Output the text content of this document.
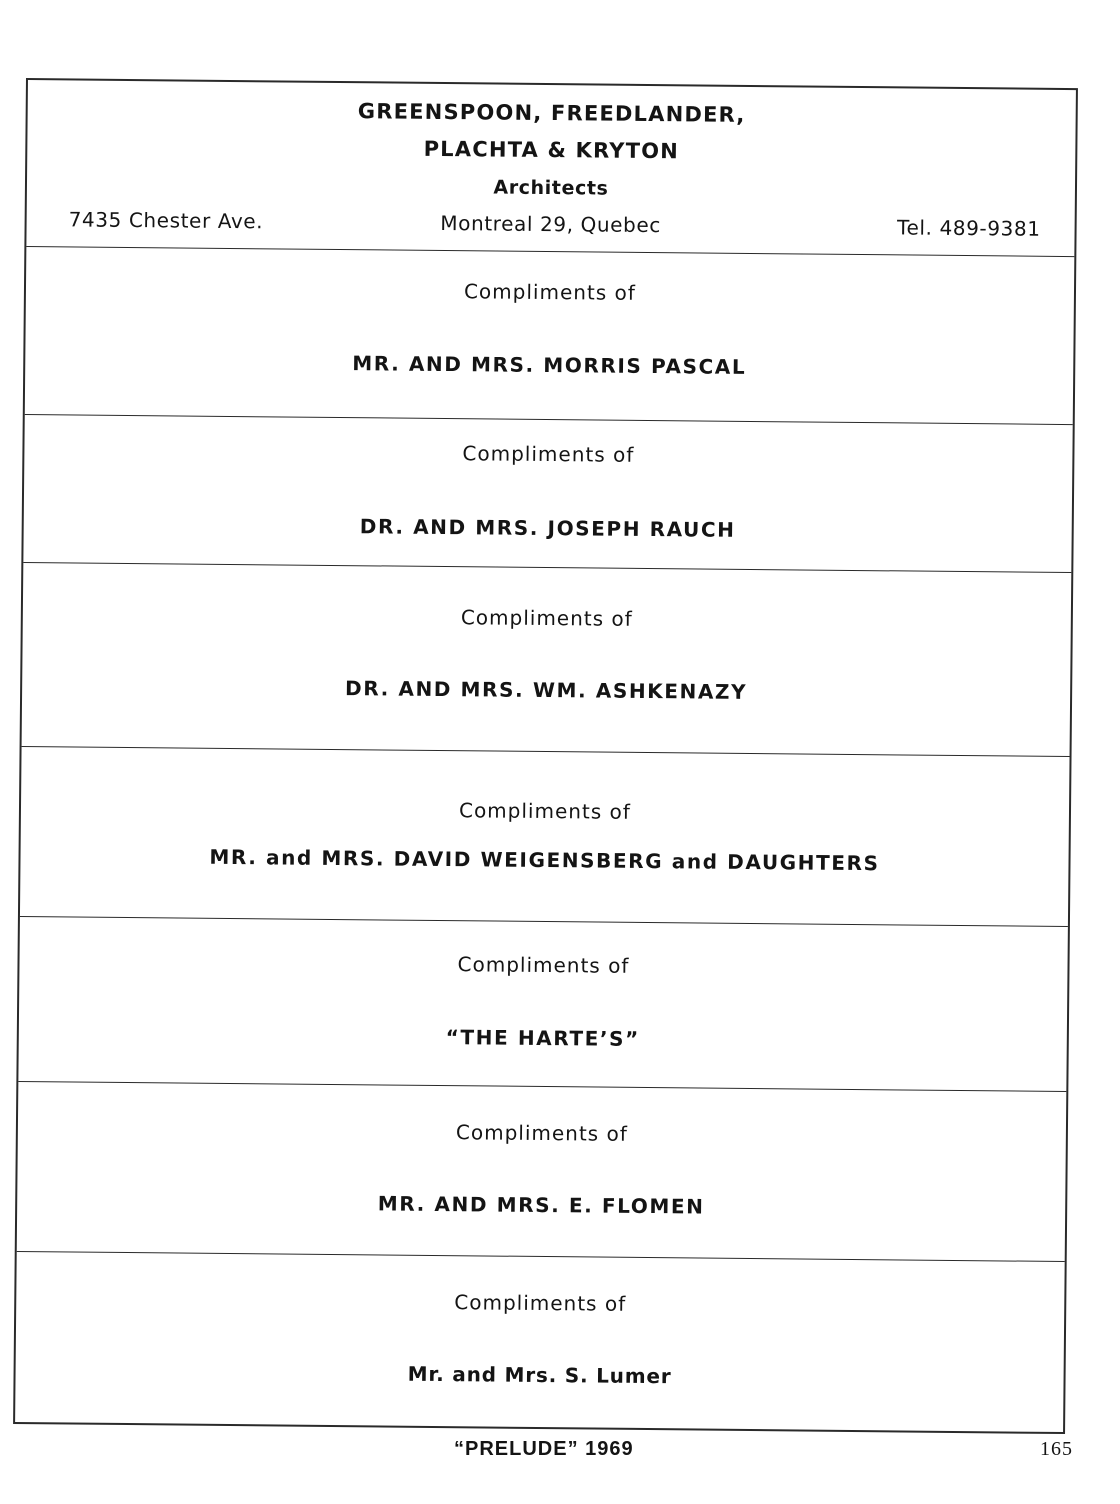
GREENSPOON, FREEDLANDER,
PLACHTA & KRYTON
Architects
7435 Chester Ave.	Montreal 29, Quebec	Tel. 489-9381
Compliments of
MR. AND MRS. MORRIS PASCAL
Compliments of
DR. AND MRS. JOSEPH RAUCH
Compliments of
DR. AND MRS. WM. ASHKENAZY
Compliments of
MR. and MRS. DAVID WEIGENSBERG and DAUGHTERS
Compliments of
“THE HARTE’S”
Compliments of
MR. AND MRS. E. FLOMEN
Compliments of
Mr. and Mrs. S. Lumer
“PRELUDE” 1969	165
